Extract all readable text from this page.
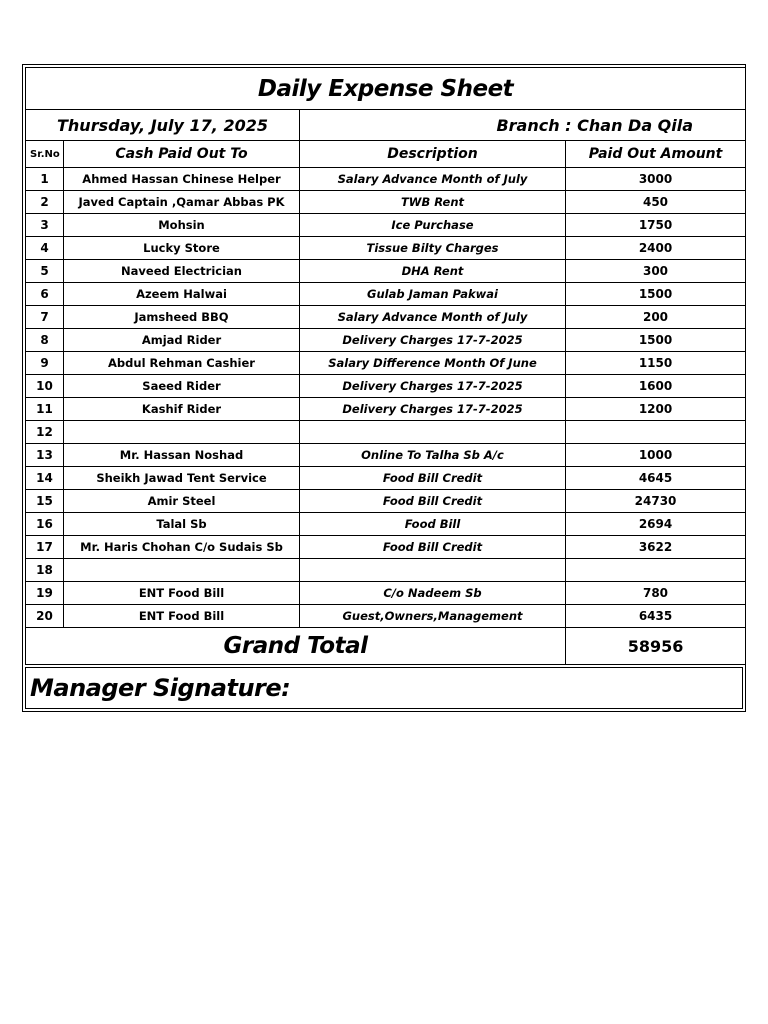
Daily Expense Sheet			
Thursday, July 17, 2025		Branch : Chan Da Qila	
Sr.No	Cash Paid Out To	Description	Paid Out Amount
1	Ahmed Hassan Chinese Helper	Salary Advance Month of July	3000
2	Javed Captain ,Qamar Abbas PK	TWB Rent	450
3	Mohsin	Ice Purchase	1750
4	Lucky Store	Tissue Bilty Charges	2400
5	Naveed Electrician	DHA Rent	300
6	Azeem Halwai	Gulab Jaman Pakwai	1500
7	Jamsheed BBQ	Salary Advance Month of July	200
8	Amjad Rider	Delivery Charges 17-7-2025	1500
9	Abdul Rehman Cashier	Salary Difference Month Of June	1150
10	Saeed Rider	Delivery Charges 17-7-2025	1600
11	Kashif Rider	Delivery Charges 17-7-2025	1200
12			
13	Mr. Hassan Noshad	Online To Talha Sb A/c	1000
14	Sheikh Jawad Tent Service	Food Bill Credit	4645
15	Amir Steel	Food Bill Credit	24730
16	Talal Sb	Food Bill	2694
17	Mr. Haris Chohan C/o Sudais Sb	Food Bill Credit	3622
18			
19	ENT Food Bill	C/o Nadeem Sb	780
20	ENT Food Bill	Guest,Owners,Management	6435
Grand Total			58956
Manager Signature:
